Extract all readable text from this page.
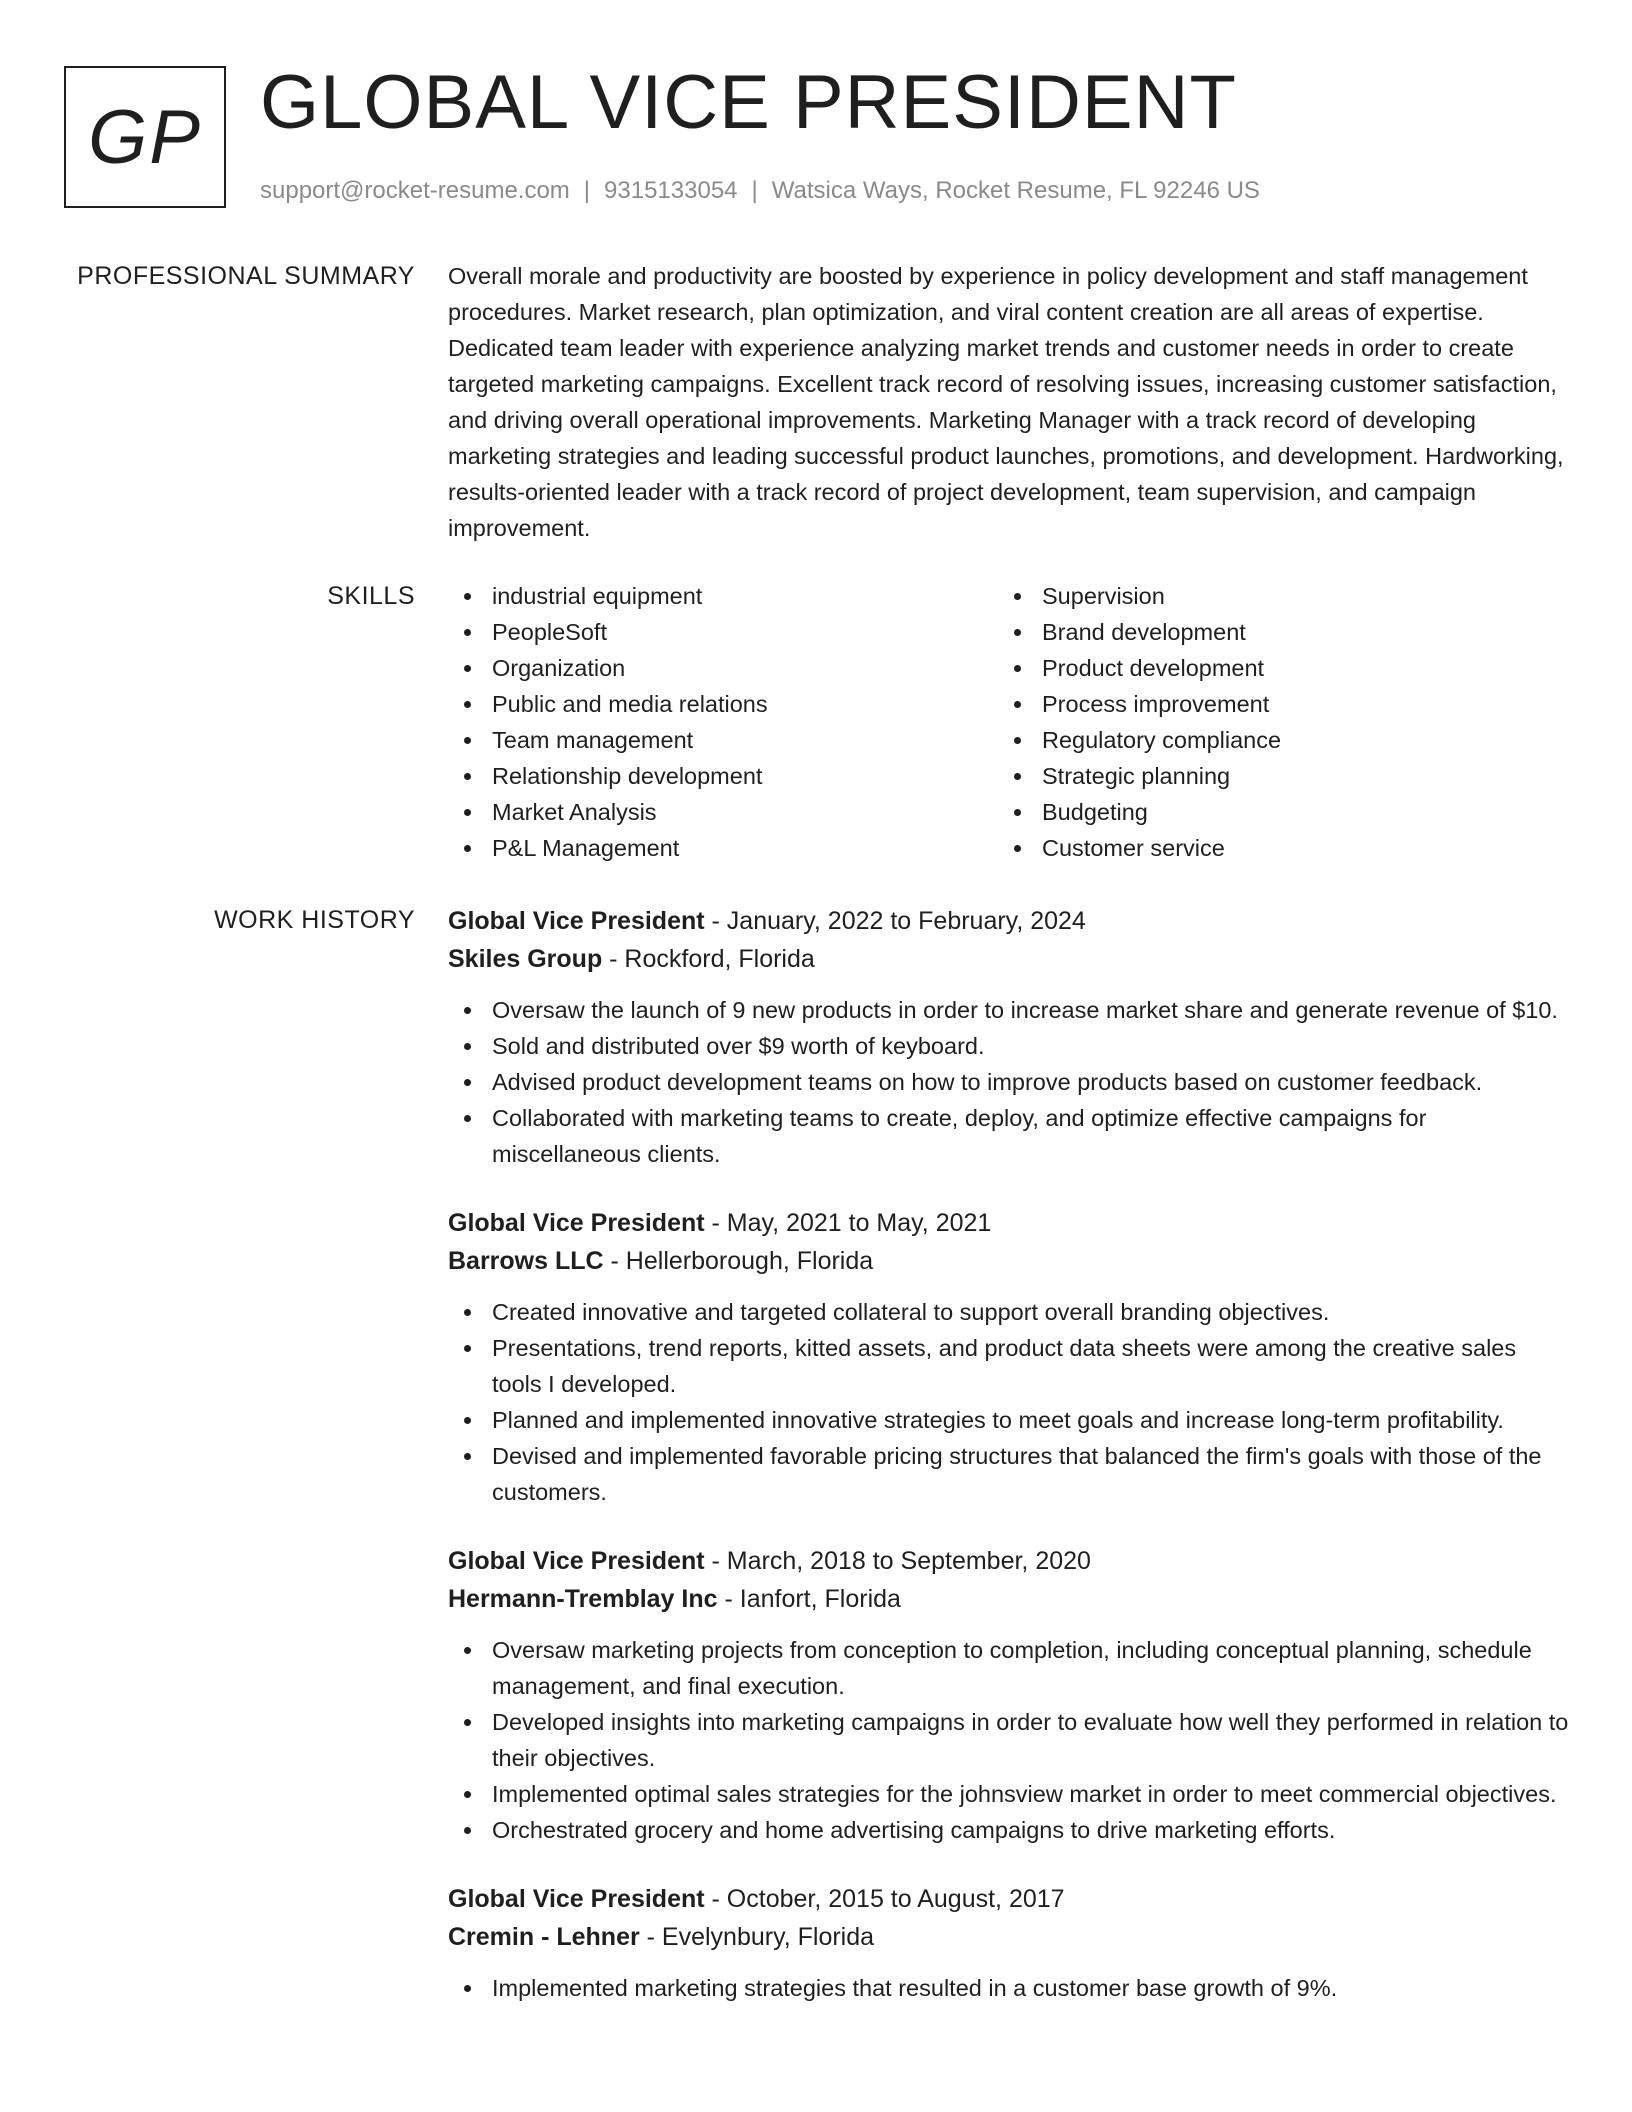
GP GLOBAL VICE PRESIDENT
support@rocket-resume.com | 9315133054 | Watsica Ways, Rocket Resume, FL 92246 US
PROFESSIONAL SUMMARY Overall morale and productivity are boosted by experience in policy development and staff management procedures. Market research, plan optimization, and viral content creation are all areas of expertise. Dedicated team leader with experience analyzing market trends and customer needs in order to create targeted marketing campaigns. Excellent track record of resolving issues, increasing customer satisfaction, and driving overall operational improvements. Marketing Manager with a track record of developing marketing strategies and leading successful product launches, promotions, and development. Hardworking, results-oriented leader with a track record of project development, team supervision, and campaign improvement.

SKILLS	industrial equipment
PeopleSoft
Organization
Public and media relations
Team management
Relationship development
Market Analysis
P&L Management
Supervision
Brand development
Product development
Process improvement
Regulatory compliance
Strategic planning
Budgeting
Customer service
WORK HISTORY Global Vice President - January, 2022 to February, 2024
Skiles Group - Rockford, Florida
Oversaw the launch of 9 new products in order to increase market share and generate revenue of $10.
Sold and distributed over $9 worth of keyboard.
Advised product development teams on how to improve products based on customer feedback.
Collaborated with marketing teams to create, deploy, and optimize effective campaigns for miscellaneous clients.
Global Vice President - May, 2021 to May, 2021
Barrows LLC - Hellerborough, Florida
Created innovative and targeted collateral to support overall branding objectives.
Presentations, trend reports, kitted assets, and product data sheets were among the creative sales tools I developed.
Planned and implemented innovative strategies to meet goals and increase long-term profitability.
Devised and implemented favorable pricing structures that balanced the firm's goals with those of the customers.
Global Vice President - March, 2018 to September, 2020
Hermann-Tremblay Inc - Ianfort, Florida
Oversaw marketing projects from conception to completion, including conceptual planning, schedule management, and final execution.
Developed insights into marketing campaigns in order to evaluate how well they performed in relation to their objectives.
Implemented optimal sales strategies for the johnsview market in order to meet commercial objectives.
Orchestrated grocery and home advertising campaigns to drive marketing efforts.
Global Vice President - October, 2015 to August, 2017
Cremin - Lehner - Evelynbury, Florida
Implemented marketing strategies that resulted in a customer base growth of 9%.
